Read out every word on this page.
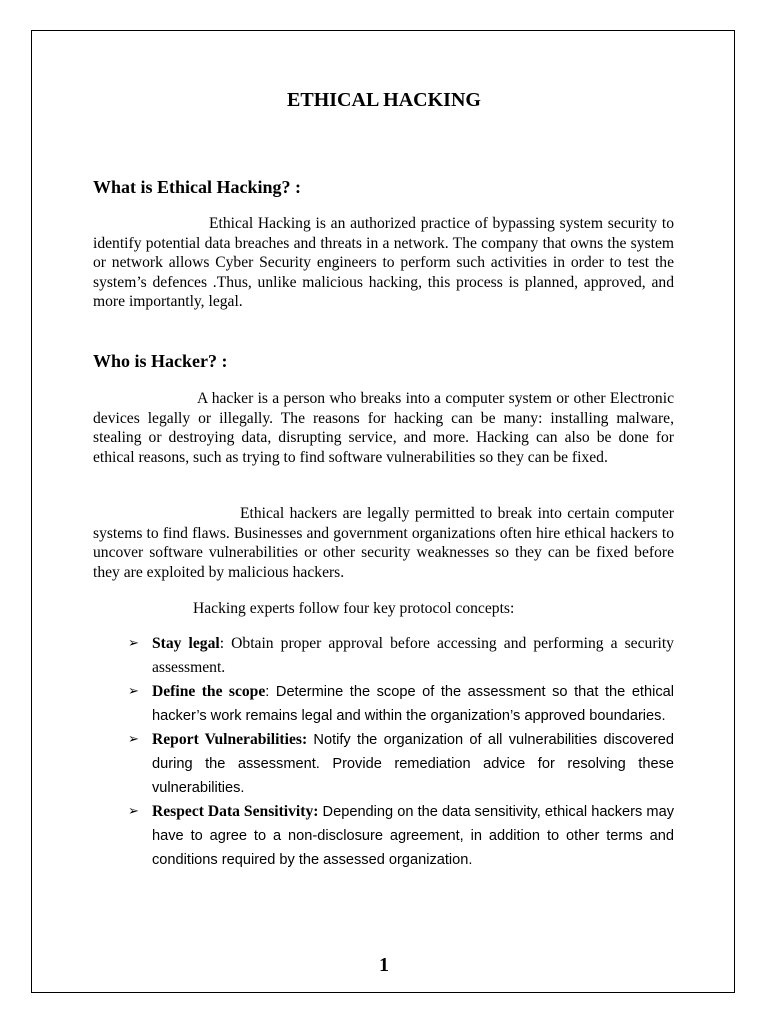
ETHICAL HACKING
What is Ethical Hacking? :

Ethical Hacking is an authorized practice of bypassing system security to identify potential data breaches and threats in a network. The company that owns the system or network allows Cyber Security engineers to perform such activities in order to test the system’s defences .Thus, unlike malicious hacking, this process is planned, approved, and more importantly, legal.

Who is Hacker? :

A hacker is a person who breaks into a computer system or other Electronic devices legally or illegally. The reasons for hacking can be many: installing malware, stealing or destroying data, disrupting service, and more. Hacking can also be done for ethical reasons, such as trying to find software vulnerabilities so they can be fixed.

Ethical hackers are legally permitted to break into certain computer systems to find flaws. Businesses and government organizations often hire ethical hackers to uncover software vulnerabilities or other security weaknesses so they can be fixed before they are exploited by malicious hackers.

Hacking experts follow four key protocol concepts:

➢ Stay legal: Obtain proper approval before accessing and performing a security assessment.
➢ Define the scope: Determine the scope of the assessment so that the ethical hacker’s work remains legal and within the organization’s approved boundaries.
➢ Report Vulnerabilities: Notify the organization of all vulnerabilities discovered during the assessment. Provide remediation advice for resolving these vulnerabilities.
➢ Respect Data Sensitivity: Depending on the data sensitivity, ethical hackers may have to agree to a non-disclosure agreement, in addition to other terms and conditions required by the assessed organization.

1
